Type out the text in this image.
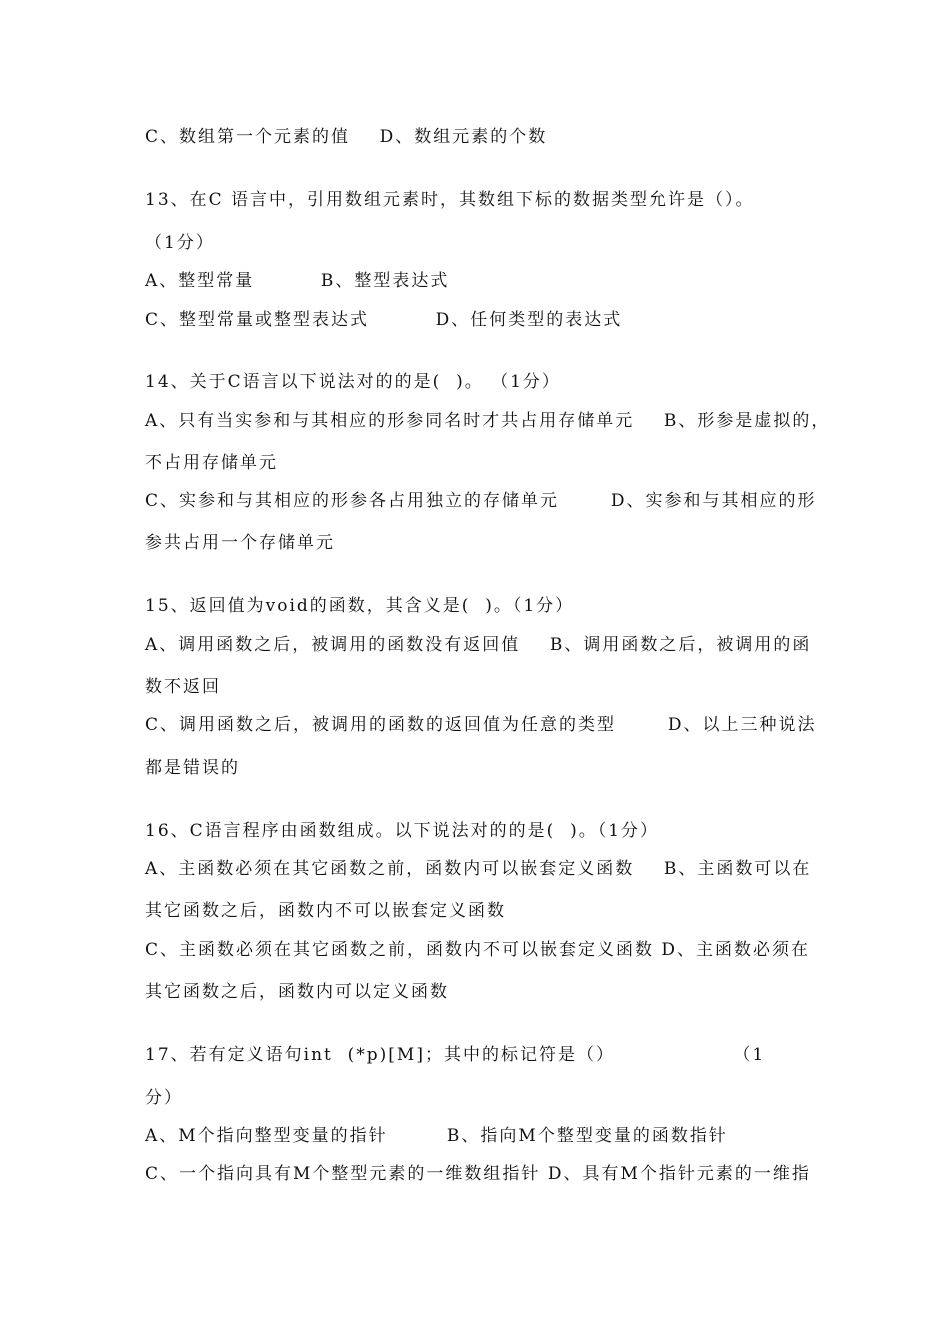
C、数组第一个元素的值    D、数组元素的个数
13、在C 语言中，引用数组元素时，其数组下标的数据类型允许是（）。
（1分）
A、整型常量         B、整型表达式
C、整型常量或整型表达式         D、任何类型的表达式
14、关于C语言以下说法对的的是(  )。 （1分）
A、只有当实参和与其相应的形参同名时才共占用存储单元    B、形参是虚拟的，
不占用存储单元
C、实参和与其相应的形参各占用独立的存储单元       D、实参和与其相应的形
参共占用一个存储单元
15、返回值为void的函数，其含义是(  )。（1分）
A、调用函数之后，被调用的函数没有返回值    B、调用函数之后，被调用的函
数不返回
C、调用函数之后，被调用的函数的返回值为任意的类型       D、以上三种说法
都是错误的
16、C语言程序由函数组成。以下说法对的的是(  )。（1分）
A、主函数必须在其它函数之前，函数内可以嵌套定义函数    B、主函数可以在
其它函数之后，函数内不可以嵌套定义函数
C、主函数必须在其它函数之前，函数内不可以嵌套定义函数 D、主函数必须在
其它函数之后，函数内可以定义函数
17、若有定义语句int  (*p)[M]；其中的标记符是（）                （1
分）
A、M个指向整型变量的指针        B、指向M个整型变量的函数指针
C、一个指向具有M个整型元素的一维数组指针 D、具有M个指针元素的一维指
